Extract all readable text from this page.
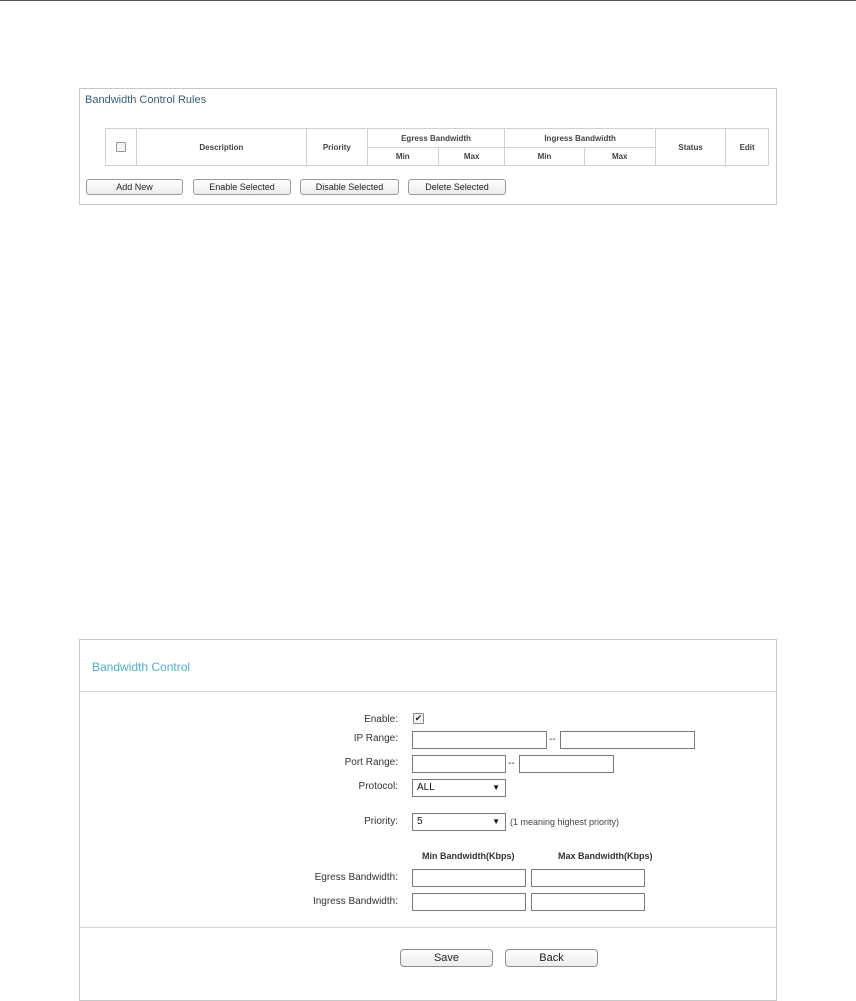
Bandwidth Control Rules
	Description	Priority	Egress Bandwidth		Ingress Bandwidth		Status	Edit
			Min	Max	Min	Max		
Add New	Enable Selected	Disable Selected	Delete Selected
Bandwidth Control
Enable: ✔
IP Range:	--
Port Range:	--
Protocol:	ALL	▼
Priority:	5	▼ (1 meaning highest priority)
Min Bandwidth(Kbps)	Max Bandwidth(Kbps)
Egress Bandwidth:
Ingress Bandwidth:
Save	Back
